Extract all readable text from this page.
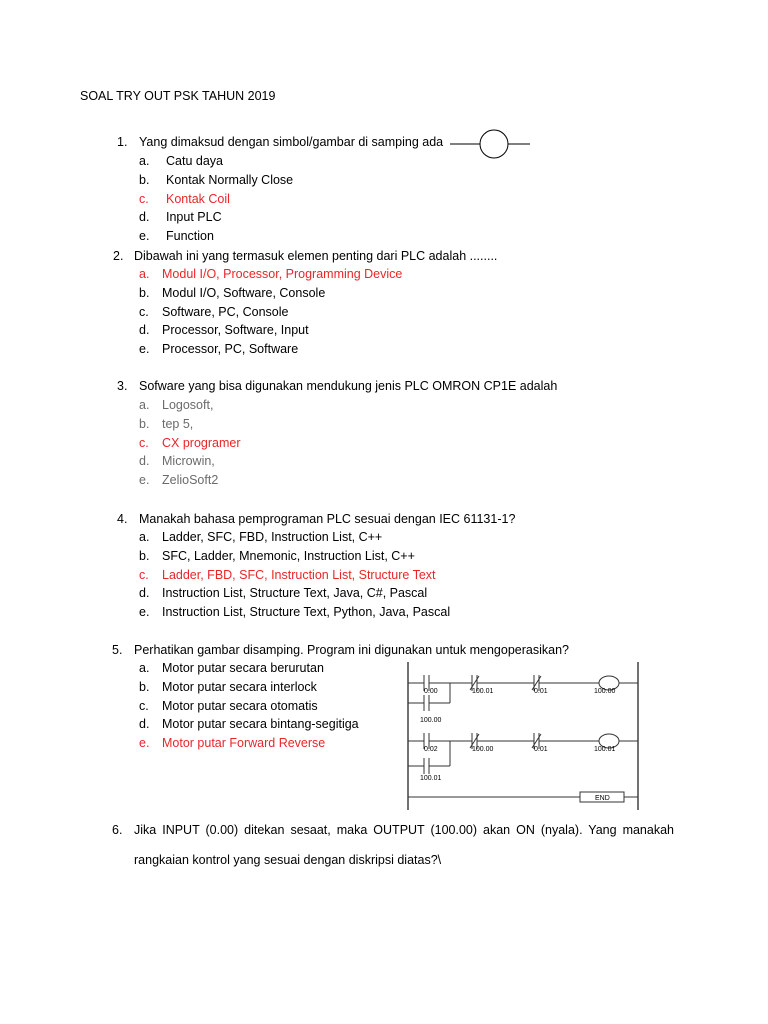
SOAL TRY OUT PSK TAHUN 2019
1. Yang dimaksud dengan simbol/gambar di samping ada
a. Catu daya
b. Kontak Normally Close
c. Kontak Coil
d. Input PLC
e. Function
2. Dibawah ini yang termasuk elemen penting dari PLC adalah ........
a. Modul I/O, Processor, Programming Device
b. Modul I/O, Software, Console
c. Software, PC, Console
d. Processor, Software, Input
e. Processor, PC, Software
3. Sofware yang bisa digunakan mendukung jenis PLC OMRON CP1E adalah
a. Logosoft,
b. tep 5,
c. CX programer
d. Microwin,
e. ZelioSoft2
4. Manakah bahasa pemprograman PLC sesuai dengan IEC 61131-1?
a. Ladder, SFC, FBD, Instruction List, C++
b. SFC, Ladder, Mnemonic, Instruction List, C++
c. Ladder, FBD, SFC, Instruction List, Structure Text
d. Instruction List, Structure Text, Java, C#, Pascal
e. Instruction List, Structure Text, Python, Java, Pascal
5. Perhatikan gambar disamping. Program ini digunakan untuk mengoperasikan?
a. Motor putar secara berurutan
b. Motor putar secara interlock
c. Motor putar secara otomatis
d. Motor putar secara bintang-segitiga
e. Motor putar Forward Reverse
0.00	100.01	0.01	100.00
100.00
0.02	100.00	0.01	100.01
100.01
END
6. Jika INPUT (0.00) ditekan sesaat, maka OUTPUT (100.00) akan ON (nyala). Yang manakah
rangkaian kontrol yang sesuai dengan diskripsi diatas?\
